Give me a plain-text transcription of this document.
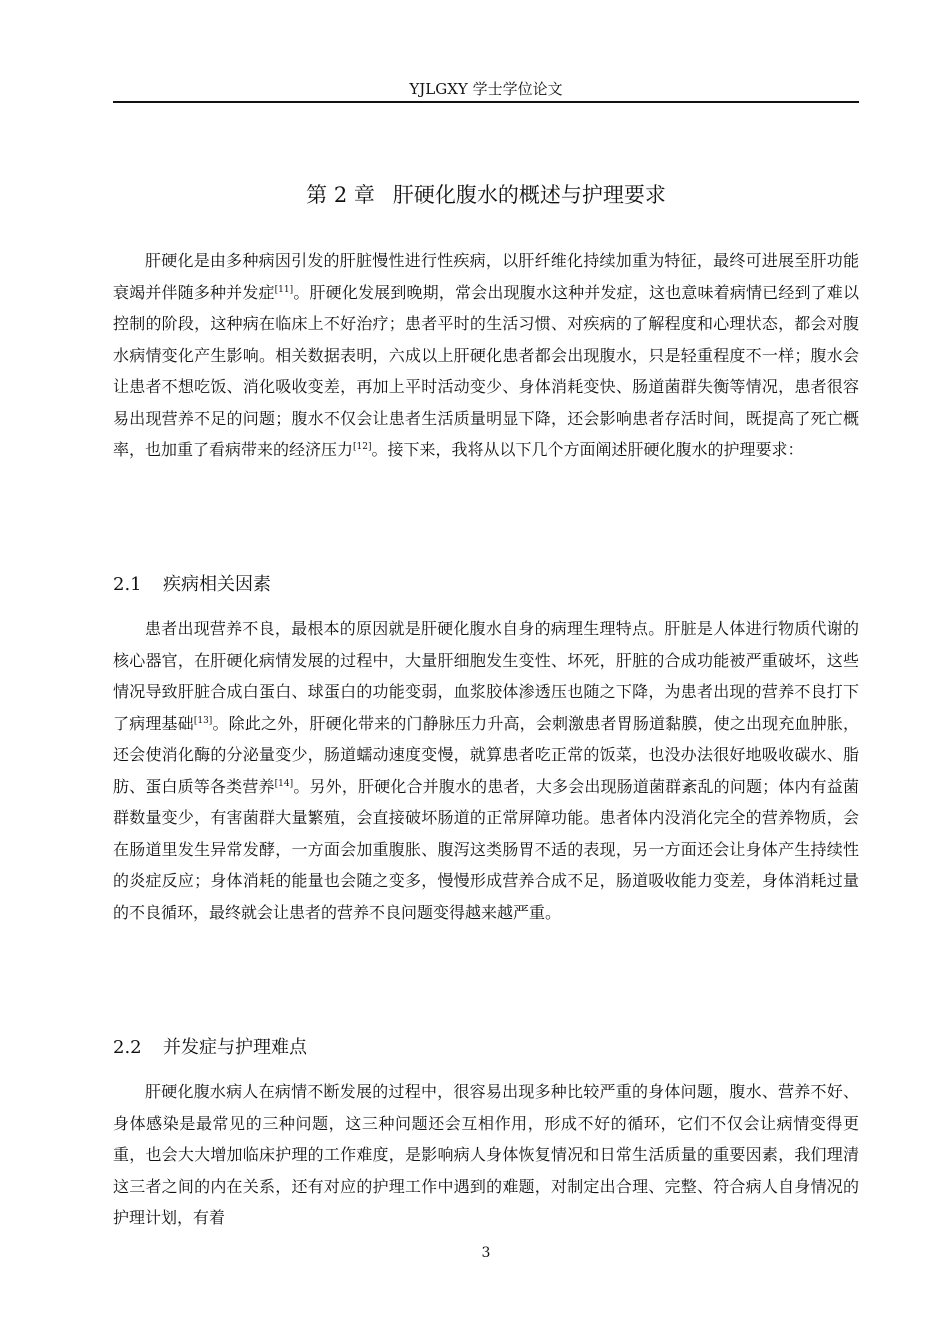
YJLGXY 学士学位论文
第 2 章 肝硬化腹水的概述与护理要求

肝硬化是由多种病因引发的肝脏慢性进行性疾病，以肝纤维化持续加重为特征，最终可进展至肝功能衰竭并伴随多种并发症[11]。肝硬化发展到晚期，常会出现腹水这种并发症，这也意味着病情已经到了难以控制的阶段，这种病在临床上不好治疗；患者平时的生活习惯、对疾病的了解程度和心理状态，都会对腹水病情变化产生影响。相关数据表明，六成以上肝硬化患者都会出现腹水，只是轻重程度不一样；腹水会让患者不想吃饭、消化吸收变差，再加上平时活动变少、身体消耗变快、肠道菌群失衡等情况，患者很容易出现营养不足的问题；腹水不仅会让患者生活质量明显下降，还会影响患者存活时间，既提高了死亡概率，也加重了看病带来的经济压力[12]。接下来，我将从以下几个方面阐述肝硬化腹水的护理要求：

2.1 疾病相关因素

患者出现营养不良，最根本的原因就是肝硬化腹水自身的病理生理特点。肝脏是人体进行物质代谢的核心器官，在肝硬化病情发展的过程中，大量肝细胞发生变性、坏死，肝脏的合成功能被严重破坏，这些情况导致肝脏合成白蛋白、球蛋白的功能变弱，血浆胶体渗透压也随之下降，为患者出现的营养不良打下了病理基础[13]。除此之外，肝硬化带来的门静脉压力升高，会刺激患者胃肠道黏膜，使之出现充血肿胀，还会使消化酶的分泌量变少，肠道蠕动速度变慢，就算患者吃正常的饭菜，也没办法很好地吸收碳水、脂肪、蛋白质等各类营养[14]。另外，肝硬化合并腹水的患者，大多会出现肠道菌群紊乱的问题；体内有益菌群数量变少，有害菌群大量繁殖，会直接破坏肠道的正常屏障功能。患者体内没消化完全的营养物质，会在肠道里发生异常发酵，一方面会加重腹胀、腹泻这类肠胃不适的表现，另一方面还会让身体产生持续性的炎症反应；身体消耗的能量也会随之变多，慢慢形成营养合成不足，肠道吸收能力变差，身体消耗过量的不良循环，最终就会让患者的营养不良问题变得越来越严重。

2.2 并发症与护理难点

肝硬化腹水病人在病情不断发展的过程中，很容易出现多种比较严重的身体问题，腹水、营养不好、身体感染是最常见的三种问题，这三种问题还会互相作用，形成不好的循环，它们不仅会让病情变得更重，也会大大增加临床护理的工作难度，是影响病人身体恢复情况和日常生活质量的重要因素，我们理清这三者之间的内在关系，还有对应的护理工作中遇到的难题，对制定出合理、完整、符合病人自身情况的护理计划，有着

3
